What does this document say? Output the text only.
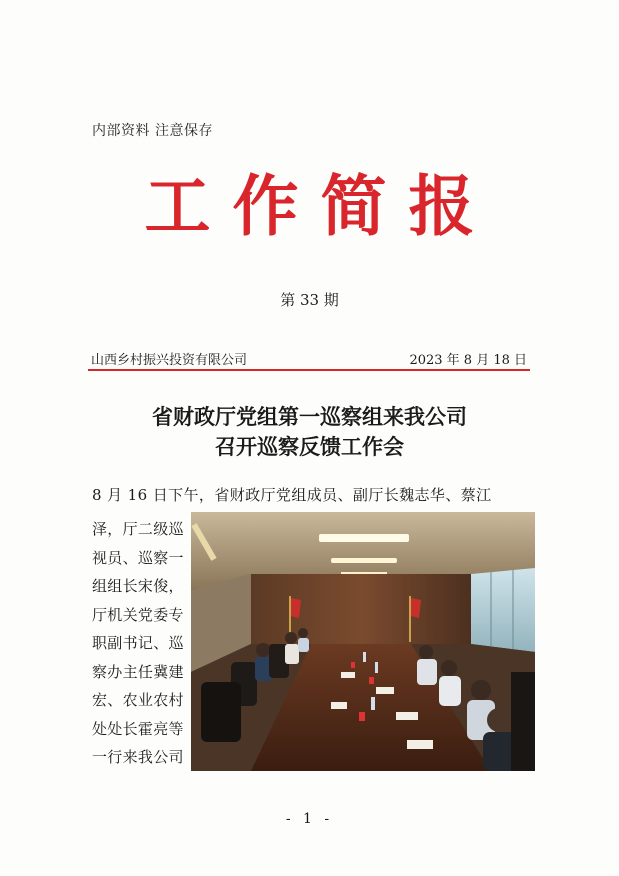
内部资料 注意保存
工作简报
第 33 期
山西乡村振兴投资有限公司	2023 年 8 月 18 日
省财政厅党组第一巡察组来我公司
召开巡察反馈工作会
8 月 16 日下午，省财政厅党组成员、副厅长魏志华、蔡江
泽，厅二级巡
视员、巡察一
组组长宋俊，
厅机关党委专
职副书记、巡
察办主任冀建
宏、农业农村
处处长霍亮等
一行来我公司
- 1 -
